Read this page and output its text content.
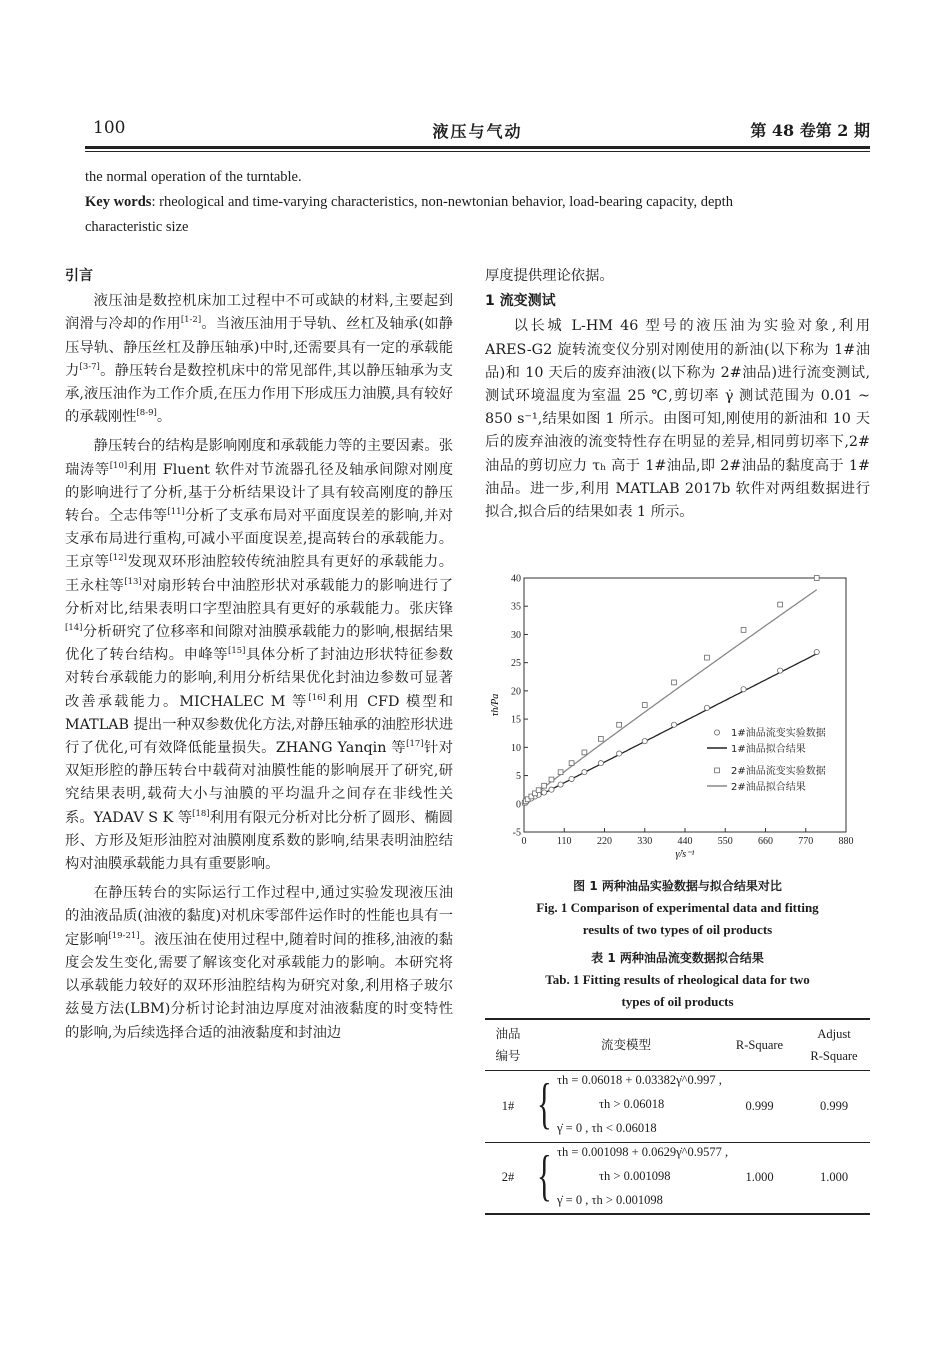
100	液压与气动	第 48 卷第 2 期
the normal operation of the turntable.
Key words: rheological and time-varying characteristics, non-newtonian behavior, load-bearing capacity, depth
characteristic size

引言

液压油是数控机床加工过程中不可或缺的材料,主要起到润滑与冷却的作用[1-2]。当液压油用于导轨、丝杠及轴承(如静压导轨、静压丝杠及静压轴承)中时,还需要具有一定的承载能力[3-7]。静压转台是数控机床中的常见部件,其以静压轴承为支承,液压油作为工作介质,在压力作用下形成压力油膜,具有较好的承载刚性[8-9]。

静压转台的结构是影响刚度和承载能力等的主要因素。张瑞涛等[10]利用 Fluent 软件对节流器孔径及轴承间隙对刚度的影响进行了分析,基于分析结果设计了具有较高刚度的静压转台。仝志伟等[11]分析了支承布局对平面度误差的影响,并对支承布局进行重构,可减小平面度误差,提高转台的承载能力。王京等[12]发现双环形油腔较传统油腔具有更好的承载能力。王永柱等[13]对扇形转台中油腔形状对承载能力的影响进行了分析对比,结果表明口字型油腔具有更好的承载能力。张庆锋[14]分析研究了位移率和间隙对油膜承载能力的影响,根据结果优化了转台结构。申峰等[15]具体分析了封油边形状特征参数对转台承载能力的影响,利用分析结果优化封油边参数可显著改善承载能力。MICHALEC M 等[16]利用 CFD 模型和 MATLAB 提出一种双参数优化方法,对静压轴承的油腔形状进行了优化,可有效降低能量损失。ZHANG Yanqin 等[17]针对双矩形腔的静压转台中载荷对油膜性能的影响展开了研究,研究结果表明,载荷大小与油膜的平均温升之间存在非线性关系。YADAV S K 等[18]利用有限元分析对比分析了圆形、椭圆形、方形及矩形油腔对油膜刚度系数的影响,结果表明油腔结构对油膜承载能力具有重要影响。

在静压转台的实际运行工作过程中,通过实验发现液压油的油液品质(油液的黏度)对机床零部件运作时的性能也具有一定影响[19-21]。液压油在使用过程中,随着时间的推移,油液的黏度会发生变化,需要了解该变化对承载能力的影响。本研究将以承载能力较好的双环形油腔结构为研究对象,利用格子玻尔兹曼方法(LBM)分析讨论封油边厚度对油液黏度的时变特性的影响,为后续选择合适的油液黏度和封油边

厚度提供理论依据。

1 流变测试

以长城 L-HM 46 型号的液压油为实验对象,利用 ARES-G2 旋转流变仪分别对刚使用的新油(以下称为 1#油品)和 10 天后的废弃油液(以下称为 2#油品)进行流变测试,测试环境温度为室温 25 ℃,剪切率 γ̇ 测试范围为 0.01 ~ 850 s⁻¹,结果如图 1 所示。由图可知,刚使用的新油和 10 天后的废弃油液的流变特性存在明显的差异,相同剪切率下,2#油品的剪切应力 τₕ 高于 1#油品,即 2#油品的黏度高于 1#油品。进一步,利用 MATLAB 2017b 软件对两组数据进行拟合,拟合后的结果如表 1 所示。

0	110	220	330	440	550	660	770	880
-5
0
5
10
15
20
25
30
35
40
γ̇/s⁻¹
τh/Pa
1#油品流变实验数据
1#油品拟合结果
2#油品流变实验数据
2#油品拟合结果
图 1 两种油品实验数据与拟合结果对比
Fig. 1 Comparison of experimental data and fitting
results of two types of oil products
表 1 两种油品流变数据拟合结果
Tab. 1 Fitting results of rheological data for two
types of oil products
油品
编号	流变模型	R-Square	Adjust
R-Square
1#	{ τh = 0.06018 + 0.03382γ̇^0.997 ,
τh > 0.06018
γ̇ = 0 , τh < 0.06018	0.999	0.999
2#	{ τh = 0.001098 + 0.0629γ̇^0.9577 ,
τh > 0.001098
γ̇ = 0 , τh > 0.001098	1.000	1.000
